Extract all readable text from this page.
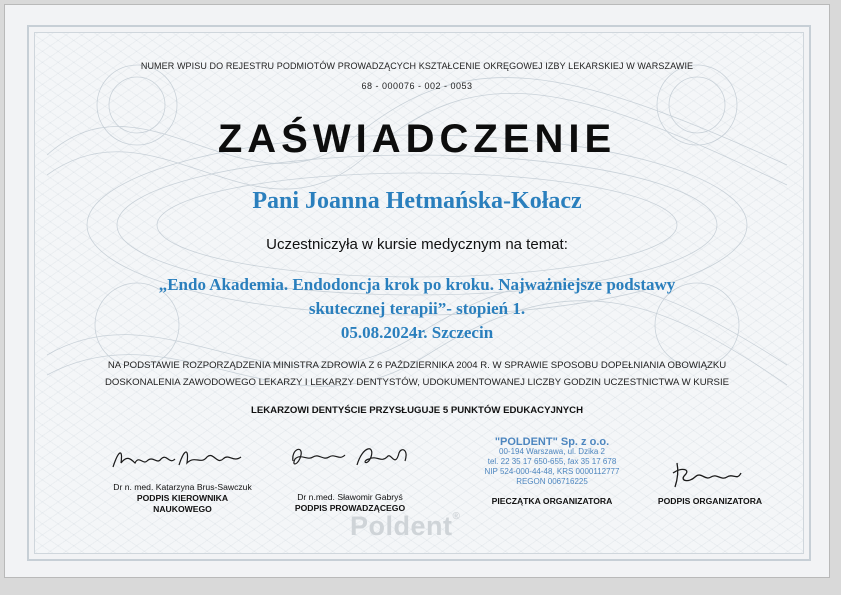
NUMER WPISU DO REJESTRU PODMIOTÓW PROWADZĄCYCH KSZTAŁCENIE OKRĘGOWEJ IZBY LEKARSKIEJ W WARSZAWIE
68 - 000076 - 002 - 0053
ZAŚWIADCZENIE
Pani Joanna Hetmańska-Kołacz
Uczestniczyła w kursie medycznym na temat:
„Endo Akademia. Endodoncja krok po kroku. Najważniejsze podstawy
skutecznej terapii”- stopień 1.
05.08.2024r. Szczecin
NA PODSTAWIE ROZPORZĄDZENIA MINISTRA ZDROWIA Z 6 PAŹDZIERNIKA 2004 R. W SPRAWIE SPOSOBU DOPEŁNIANIA OBOWIĄZKU
DOSKONALENIA ZAWODOWEGO LEKARZY I LEKARZY DENTYSTÓW, UDOKUMENTOWANEJ LICZBY GODZIN UCZESTNICTWA W KURSIE
LEKARZOWI DENTYŚCIE PRZYSŁUGUJE 5 PUNKTÓW EDUKACYJNYCH
Dr n. med. Katarzyna Brus-Sawczuk
PODPIS KIEROWNIKA
NAUKOWEGO
Dr n.med. Sławomir Gabryś
PODPIS PROWADZĄCEGO
"POLDENT" Sp. z o.o.
00-194 Warszawa, ul. Dzika 2
tel. 22 35 17 650-655, fax 35 17 678
NIP 524-000-44-48, KRS 0000112777
REGON 006716225
PIECZĄTKA ORGANIZATORA	PODPIS ORGANIZATORA
Poldent®
